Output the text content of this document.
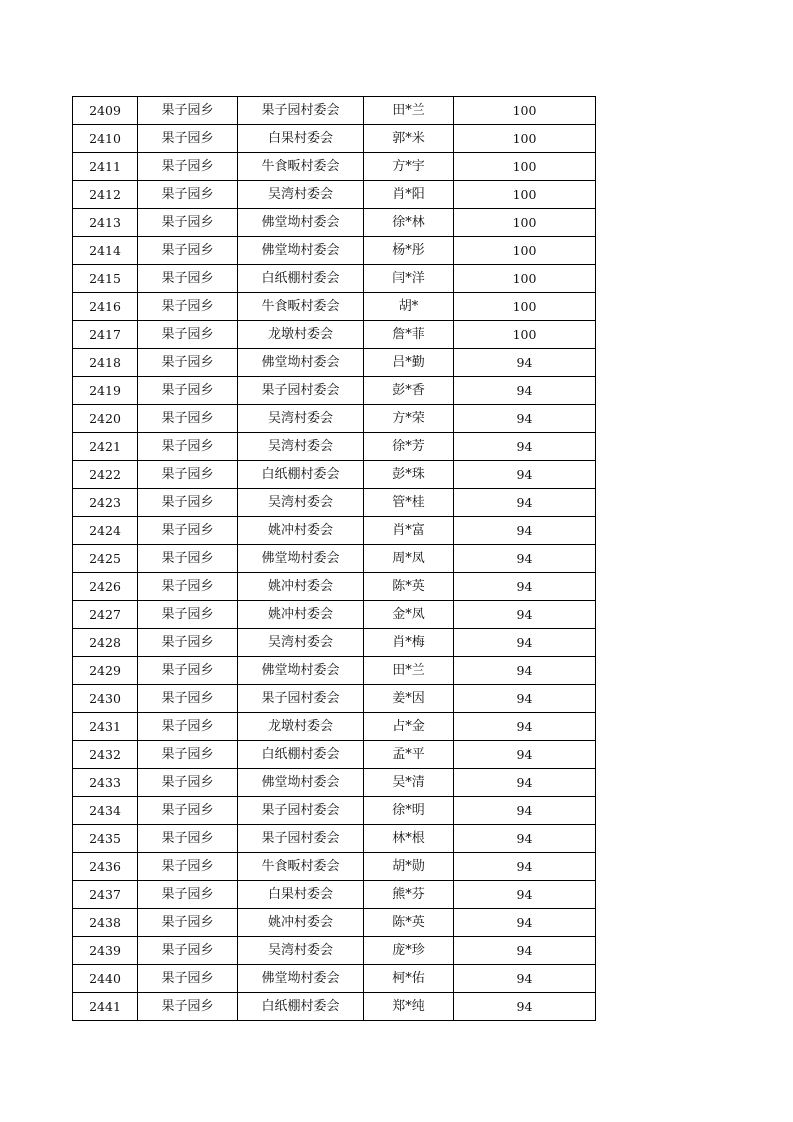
2409	果子园乡	果子园村委会	田*兰	100
2410	果子园乡	白果村委会	郭*米	100
2411	果子园乡	牛食畈村委会	方*宇	100
2412	果子园乡	吴湾村委会	肖*阳	100
2413	果子园乡	佛堂坳村委会	徐*林	100
2414	果子园乡	佛堂坳村委会	杨*彤	100
2415	果子园乡	白纸棚村委会	闫*洋	100
2416	果子园乡	牛食畈村委会	胡*	100
2417	果子园乡	龙墩村委会	詹*菲	100
2418	果子园乡	佛堂坳村委会	吕*勤	94
2419	果子园乡	果子园村委会	彭*香	94
2420	果子园乡	吴湾村委会	方*荣	94
2421	果子园乡	吴湾村委会	徐*芳	94
2422	果子园乡	白纸棚村委会	彭*珠	94
2423	果子园乡	吴湾村委会	管*桂	94
2424	果子园乡	姚冲村委会	肖*富	94
2425	果子园乡	佛堂坳村委会	周*凤	94
2426	果子园乡	姚冲村委会	陈*英	94
2427	果子园乡	姚冲村委会	金*凤	94
2428	果子园乡	吴湾村委会	肖*梅	94
2429	果子园乡	佛堂坳村委会	田*兰	94
2430	果子园乡	果子园村委会	姜*因	94
2431	果子园乡	龙墩村委会	占*金	94
2432	果子园乡	白纸棚村委会	孟*平	94
2433	果子园乡	佛堂坳村委会	吴*清	94
2434	果子园乡	果子园村委会	徐*明	94
2435	果子园乡	果子园村委会	林*根	94
2436	果子园乡	牛食畈村委会	胡*勋	94
2437	果子园乡	白果村委会	熊*芬	94
2438	果子园乡	姚冲村委会	陈*英	94
2439	果子园乡	吴湾村委会	庞*珍	94
2440	果子园乡	佛堂坳村委会	柯*佑	94
2441	果子园乡	白纸棚村委会	郑*纯	94
